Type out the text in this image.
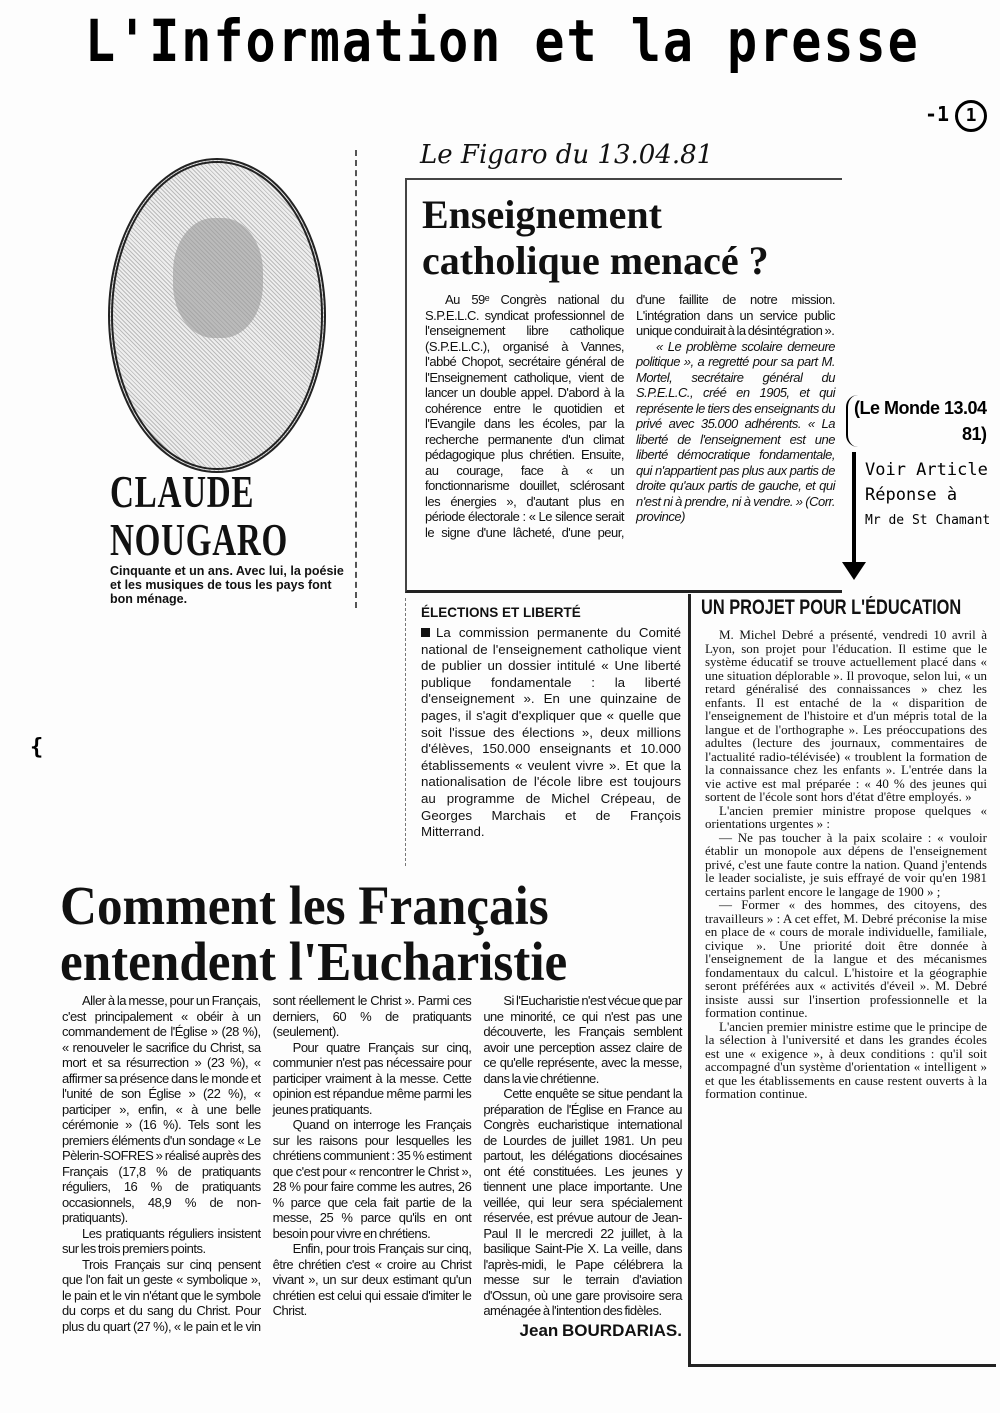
L'Information et la presse
-1 1
Le Figaro du 13.04.81
CLAUDE
NOUGARO
Cinquante et un ans. Avec lui, la poésie et les musiques de tous les pays font bon ménage.
Enseignement
catholique menacé ?

Au 59ᵉ Congrès national du S.P.E.L.C. syndicat professionnel de l'enseignement libre catholique (S.P.E.L.C.), organisé à Vannes, l'abbé Chopot, secrétaire général de l'Enseignement catholique, vient de lancer un double appel. D'abord à la cohérence entre le quotidien et l'Evangile dans les écoles, par la recherche permanente d'un climat pédagogique plus chrétien. Ensuite, au courage, face à « un fonctionnarisme douillet, sclérosant les énergies », d'autant plus en période électorale : « Le silence serait le signe d'une lâcheté, d'une peur, d'une faillite de notre mission. L'intégration dans un service public unique conduirait à la désintégration ».

« Le problème scolaire demeure politique », a regretté pour sa part M. Mortel, secrétaire général du S.P.E.L.C., créé en 1905, et qui représente le tiers des enseignants du privé avec 35.000 adhérents. « La liberté de l'enseignement est une liberté démocratique fondamentale, qui n'appartient pas plus aux partis de droite qu'aux partis de gauche, et qui n'est ni à prendre, ni à vendre. » (Corr. province)

(Le Monde 13.04
81)
Voir Article
Réponse à
Mr de St Chamant
ÉLECTIONS ET LIBERTÉ
La commission permanente du Comité national de l'enseignement catholique vient de publier un dossier intitulé « Une liberté publique fondamentale : la liberté d'enseignement ». En une quinzaine de pages, il s'agit d'expliquer que « quelle que soit l'issue des élections », deux millions d'élèves, 150.000 enseignants et 10.000 établissements « veulent vivre ». Et que la nationalisation de l'école libre est toujours au programme de Michel Crépeau, de Georges Marchais et de François Mitterrand.
UN PROJET POUR L'ÉDUCATION

M. Michel Debré a présenté, vendredi 10 avril à Lyon, son projet pour l'éducation. Il estime que le système éducatif se trouve actuellement placé dans « une situation déplorable ». Il provoque, selon lui, « un retard généralisé des connaissances » chez les enfants. Il est entaché de la « disparition de l'enseignement de l'histoire et d'un mépris total de la langue et de l'orthographe ». Les préoccupations des adultes (lecture des journaux, commentaires de l'actualité radio-télévisée) « troublent la formation de la connaissance chez les enfants ». L'entrée dans la vie active est mal préparée : « 40 % des jeunes qui sortent de l'école sont hors d'état d'être employés. »

L'ancien premier ministre propose quelques « orientations urgentes » :

— Ne pas toucher à la paix scolaire : « vouloir établir un monopole aux dépens de l'enseignement privé, c'est une faute contre la nation. Quand j'entends le leader socialiste, je suis effrayé de voir qu'en 1981 certains parlent encore le langage de 1900 » ;

— Former « des hommes, des citoyens, des travailleurs » : A cet effet, M. Debré préconise la mise en place de « cours de morale individuelle, familiale, civique ». Une priorité doit être donnée à l'enseignement de la langue et des mécanismes fondamentaux du calcul. L'histoire et la géographie seront préférées aux « activités d'éveil ». M. Debré insiste aussi sur l'insertion professionnelle et la formation continue.

L'ancien premier ministre estime que le principe de la sélection à l'université et dans les grandes écoles est une « exigence », à deux conditions : qu'il soit accompagné d'un système d'orientation « intelligent » et que les établissements en cause restent ouverts à la formation continue.

{
Comment les Français
entendent l'Eucharistie

Aller à la messe, pour un Français, c'est principalement « obéir à un commandement de l'Église » (28 %), « renouveler le sacrifice du Christ, sa mort et sa résurrection » (23 %), « affirmer sa présence dans le monde et l'unité de son Église » (22 %), « participer », enfin, « à une belle cérémonie » (16 %). Tels sont les premiers éléments d'un sondage « Le Pèlerin-SOFRES » réalisé auprès des Français (17,8 % de pratiquants réguliers, 16 % de pratiquants occasionnels, 48,9 % de non-pratiquants).

Les pratiquants réguliers insistent sur les trois premiers points.

Trois Français sur cinq pensent que l'on fait un geste « symbolique », le pain et le vin n'étant que le symbole du corps et du sang du Christ. Pour plus du quart (27 %), « le pain et le vin sont réellement le Christ ». Parmi ces derniers, 60 % de pratiquants (seulement).

Pour quatre Français sur cinq, communier n'est pas nécessaire pour participer vraiment à la messe. Cette opinion est répandue même parmi les jeunes pratiquants.

Quand on interroge les Français sur les raisons pour lesquelles les chrétiens communient : 35 % estiment que c'est pour « rencontrer le Christ », 28 % pour faire comme les autres, 26 % parce que cela fait partie de la messe, 25 % parce qu'ils en ont besoin pour vivre en chrétiens.

Enfin, pour trois Français sur cinq, être chrétien c'est « croire au Christ vivant », un sur deux estimant qu'un chrétien est celui qui essaie d'imiter le Christ.

Si l'Eucharistie n'est vécue que par une minorité, ce qui n'est pas une découverte, les Français semblent avoir une perception assez claire de ce qu'elle représente, avec la messe, dans la vie chrétienne.

Cette enquête se situe pendant la préparation de l'Église en France au Congrès eucharistique international de Lourdes de juillet 1981. Un peu partout, les délégations diocésaines ont été constituées. Les jeunes y tiennent une place importante. Une veillée, qui leur sera spécialement réservée, est prévue autour de Jean-Paul II le mercredi 22 juillet, à la basilique Saint-Pie X. La veille, dans l'après-midi, le Pape célébrera la messe sur le terrain d'aviation d'Ossun, où une gare provisoire sera aménagée à l'intention des fidèles.

Jean BOURDARIAS.
